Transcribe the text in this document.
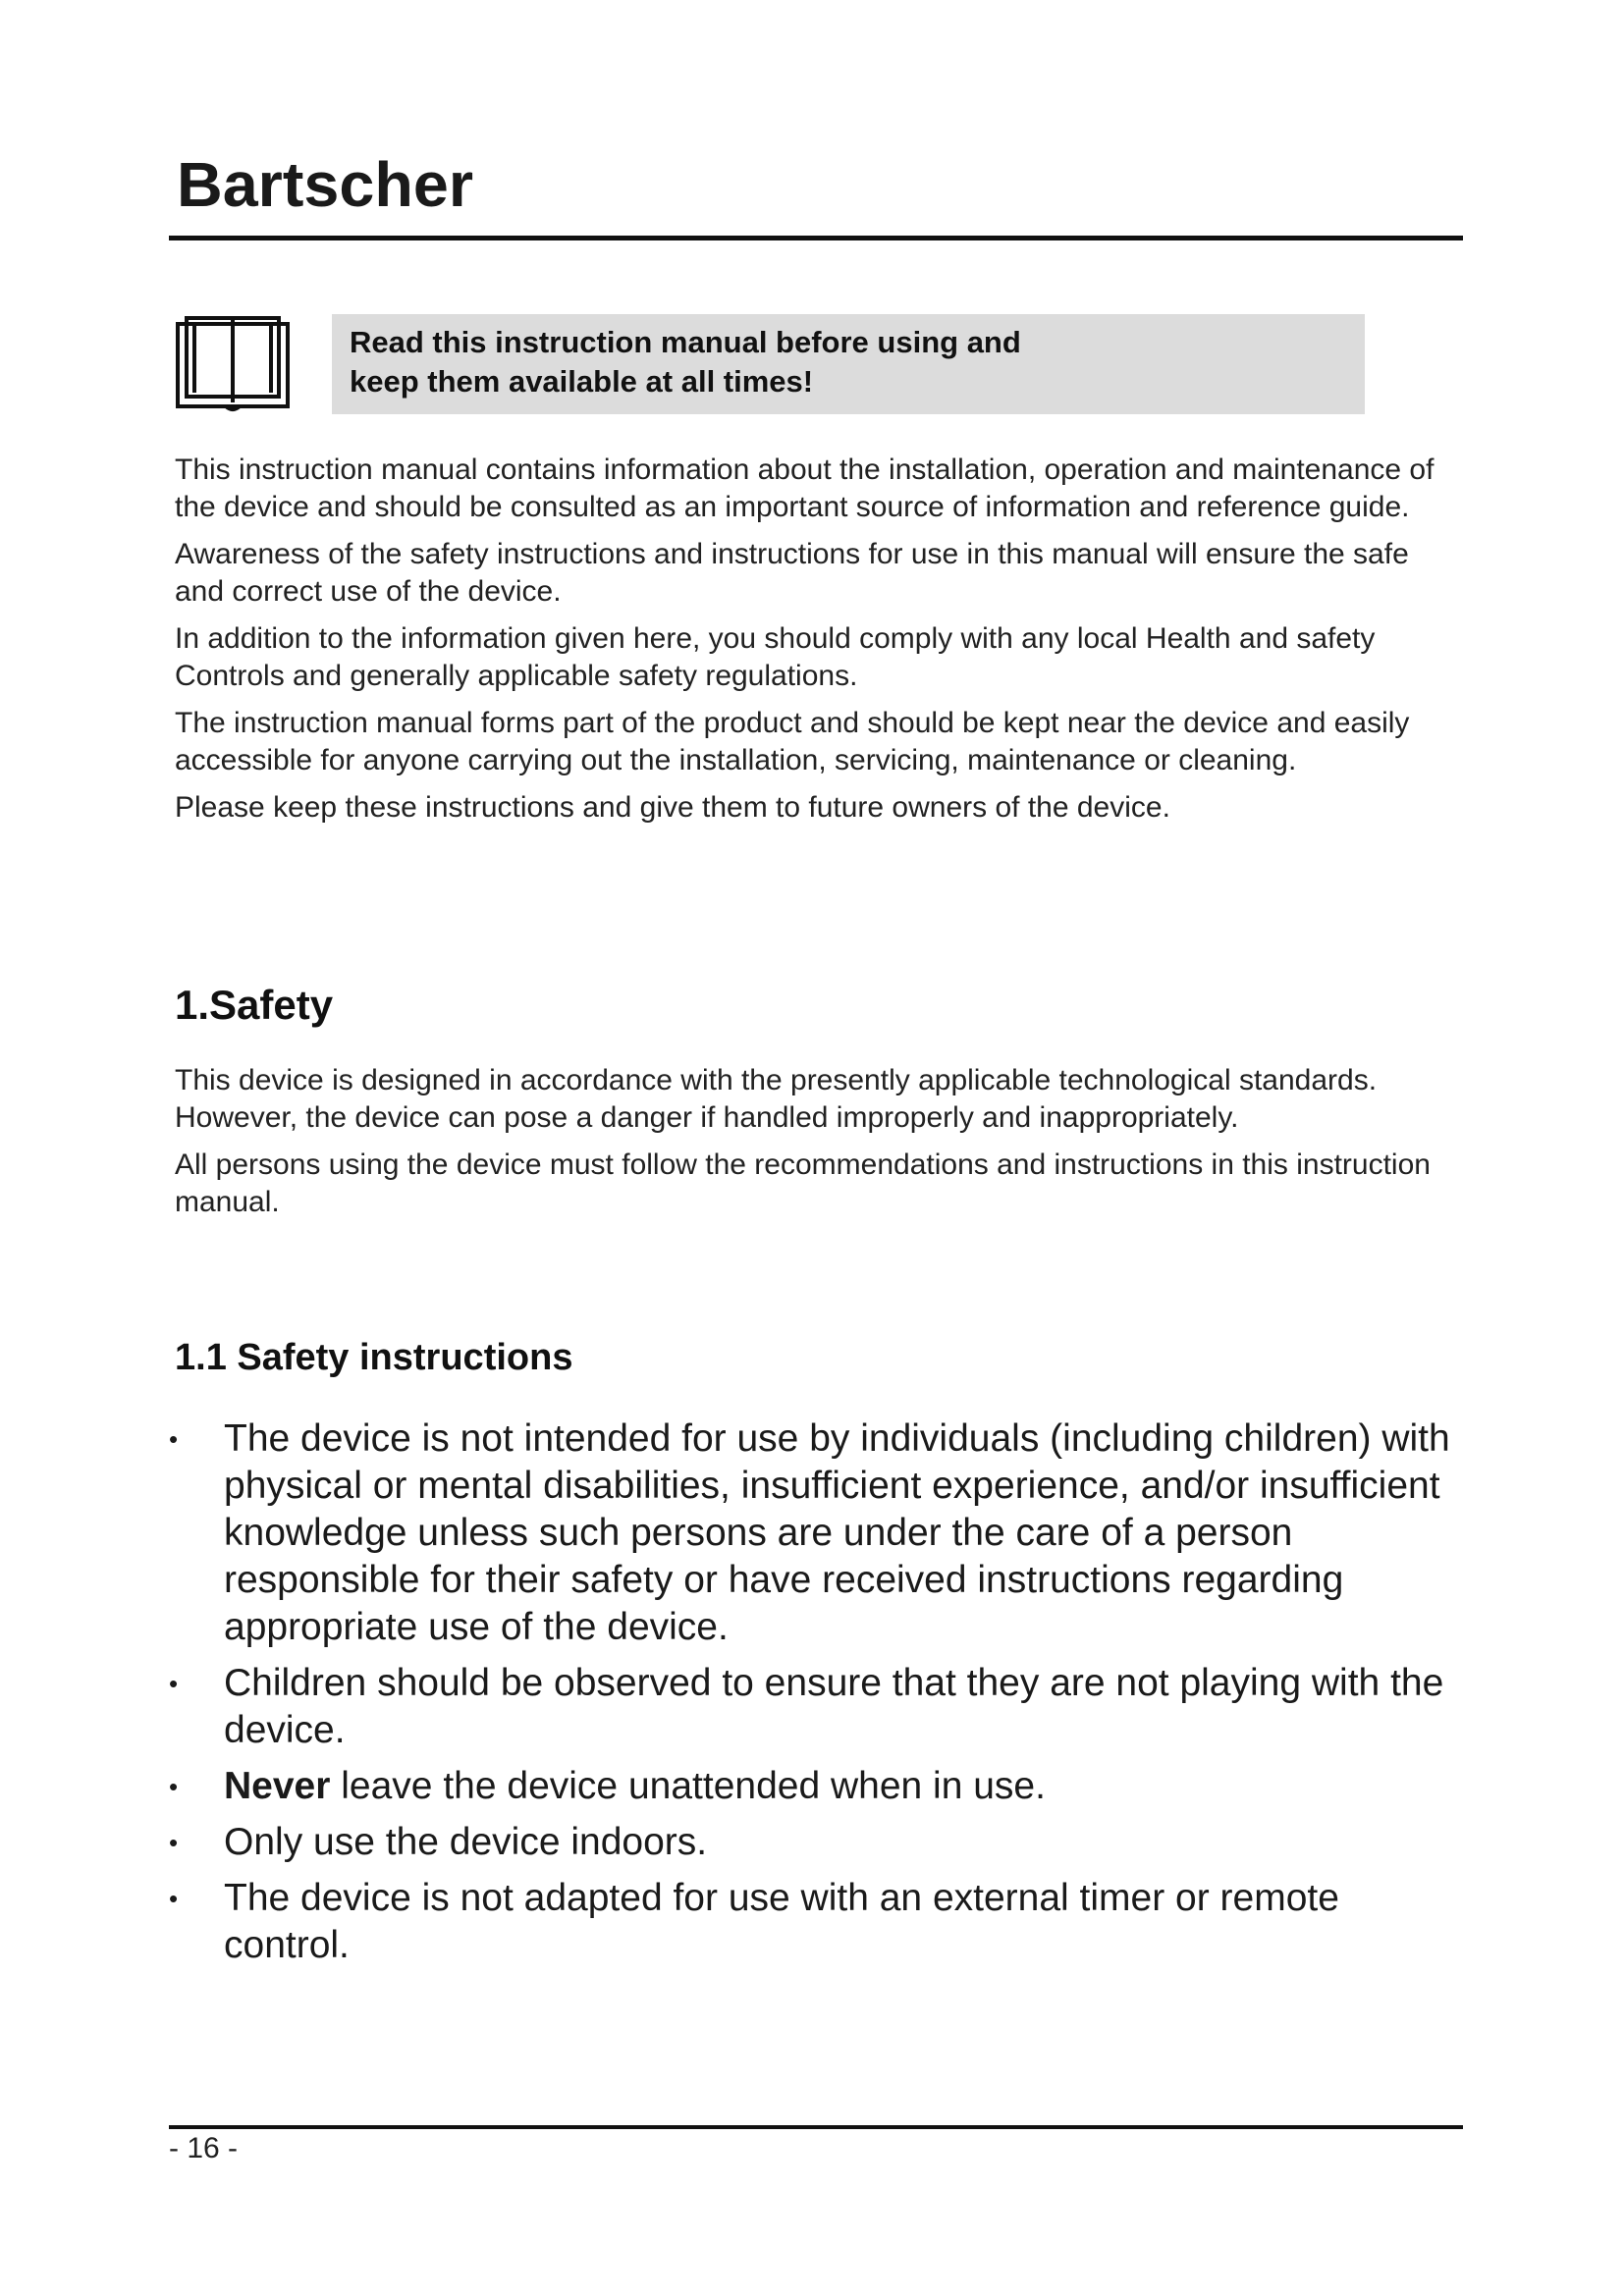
Bartscher
Read this instruction manual before using and
keep them available at all times!

This instruction manual contains information about the installation, operation and maintenance of the device and should be consulted as an important source of information and reference guide.

Awareness of the safety instructions and instructions for use in this manual will ensure the safe and correct use of the device.

In addition to the information given here, you should comply with any local Health and safety Controls and generally applicable safety regulations.

The instruction manual forms part of the product and should be kept near the device and easily accessible for anyone carrying out the installation, servicing, maintenance or cleaning.

Please keep these instructions and give them to future owners of the device.

1.Safety

This device is designed in accordance with the presently applicable technological standards. However, the device can pose a danger if handled improperly and inappropriately.

All persons using the device must follow the recommendations and instructions in this instruction manual.

1.1 Safety instructions
• The device is not intended for use by individuals (including children) with physical or mental disabilities, insufficient experience, and/or insufficient knowledge unless such persons are under the care of a person responsible for their safety or have received instructions regarding appropriate use of the device.
• Children should be observed to ensure that they are not playing with the device.
• Never leave the device unattended when in use.
• Only use the device indoors.
• The device is not adapted for use with an external timer or remote control.
- 16 -
